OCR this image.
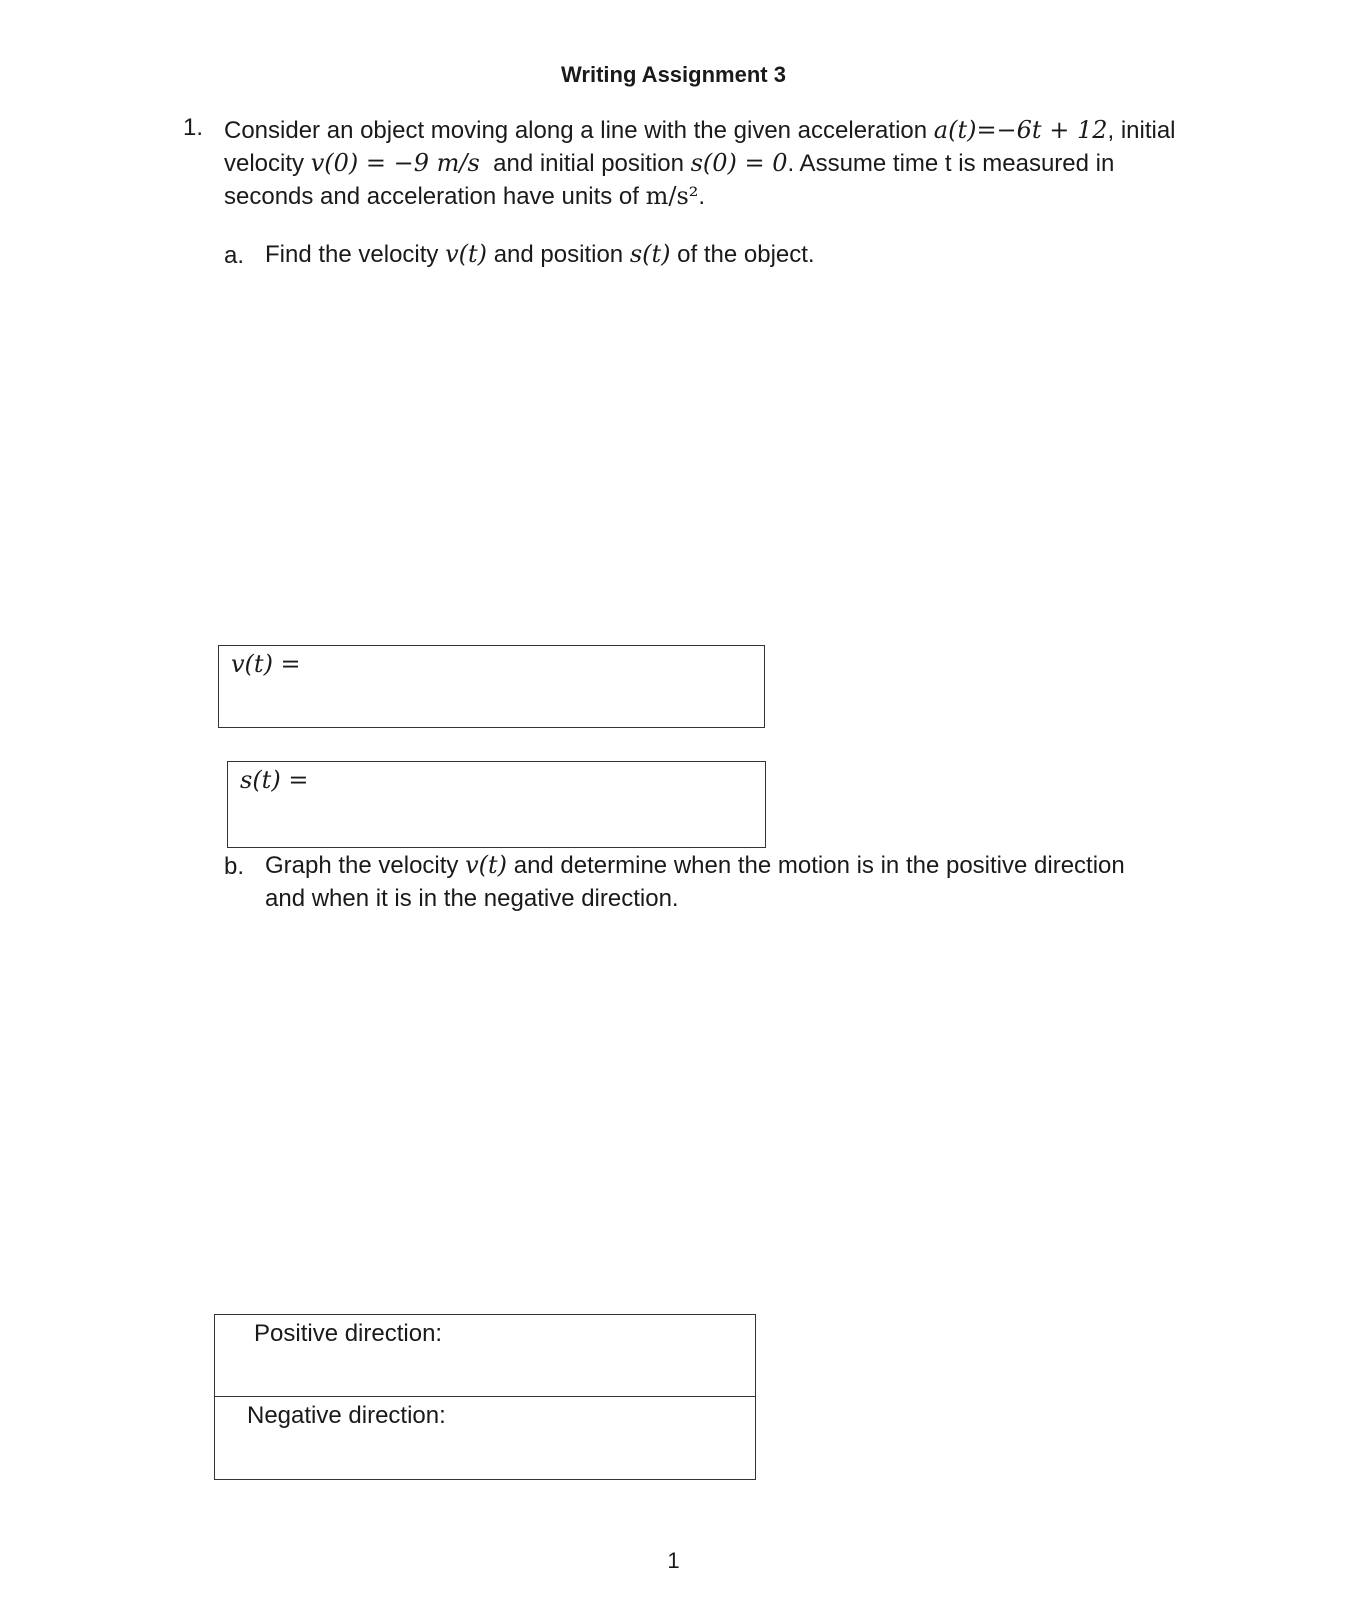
Writing Assignment 3
1. Consider an object moving along a line with the given acceleration a(t)=−6t + 12, initial
velocity v(0) = −9 m/s  and initial position s(0) = 0. Assume time t is measured in
seconds and acceleration have units of m/s².
a. Find the velocity v(t) and position s(t) of the object.
v(t) =
s(t) =
b. Graph the velocity v(t) and determine when the motion is in the positive direction
and when it is in the negative direction.
Positive direction:
Negative direction:
1
